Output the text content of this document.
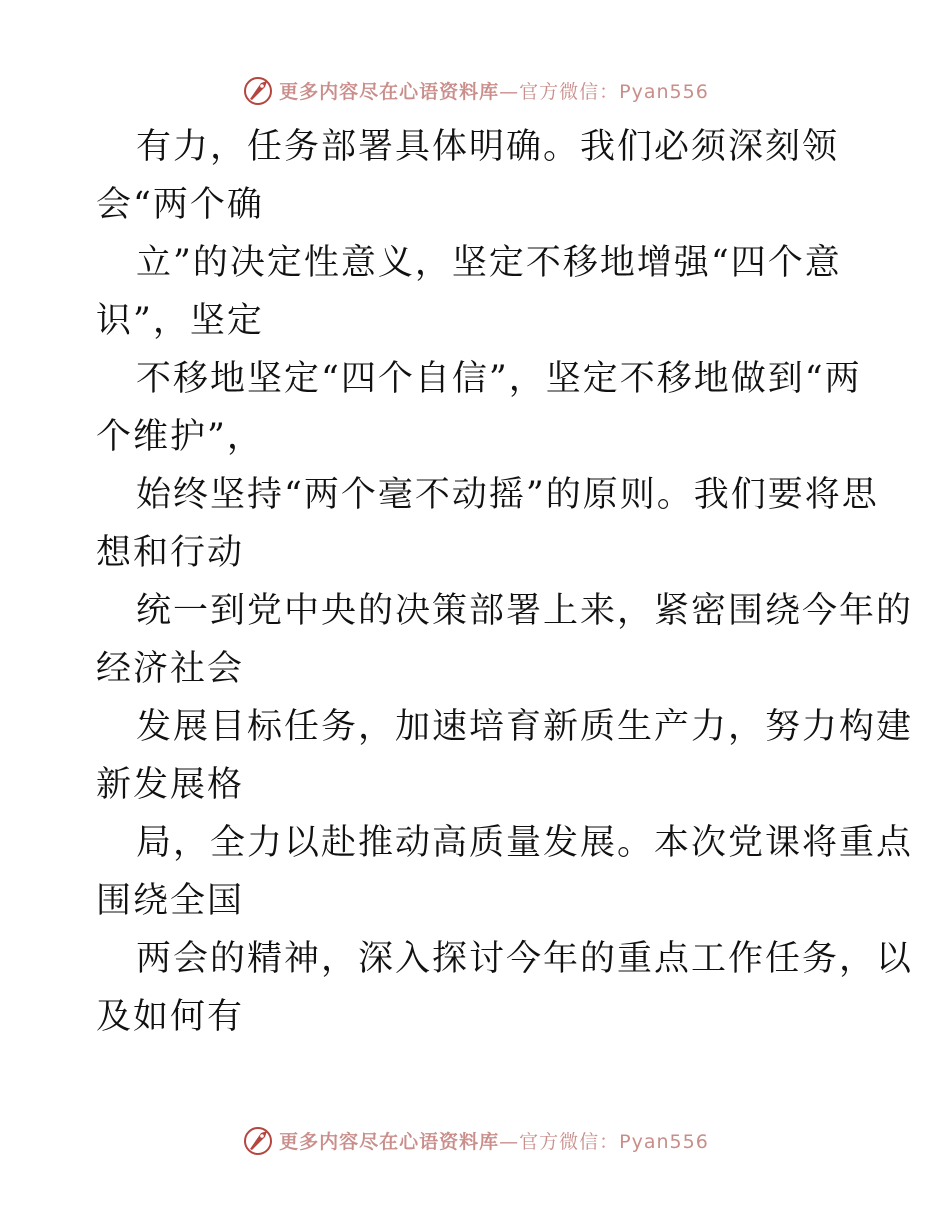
更多内容尽在心语资料库 —官方微信：Pyan556
有力，任务部署具体明确。我们必须深刻领
会“两个确
立”的决定性意义，坚定不移地增强“四个意
识”，坚定
不移地坚定“四个自信”，坚定不移地做到“两
个维护”，
始终坚持“两个毫不动摇”的原则。我们要将思
想和行动
统一到党中央的决策部署上来，紧密围绕今年的
经济社会
发展目标任务，加速培育新质生产力，努力构建
新发展格
局，全力以赴推动高质量发展。本次党课将重点
围绕全国
两会的精神，深入探讨今年的重点工作任务，以
及如何有
更多内容尽在心语资料库 —官方微信：Pyan556
